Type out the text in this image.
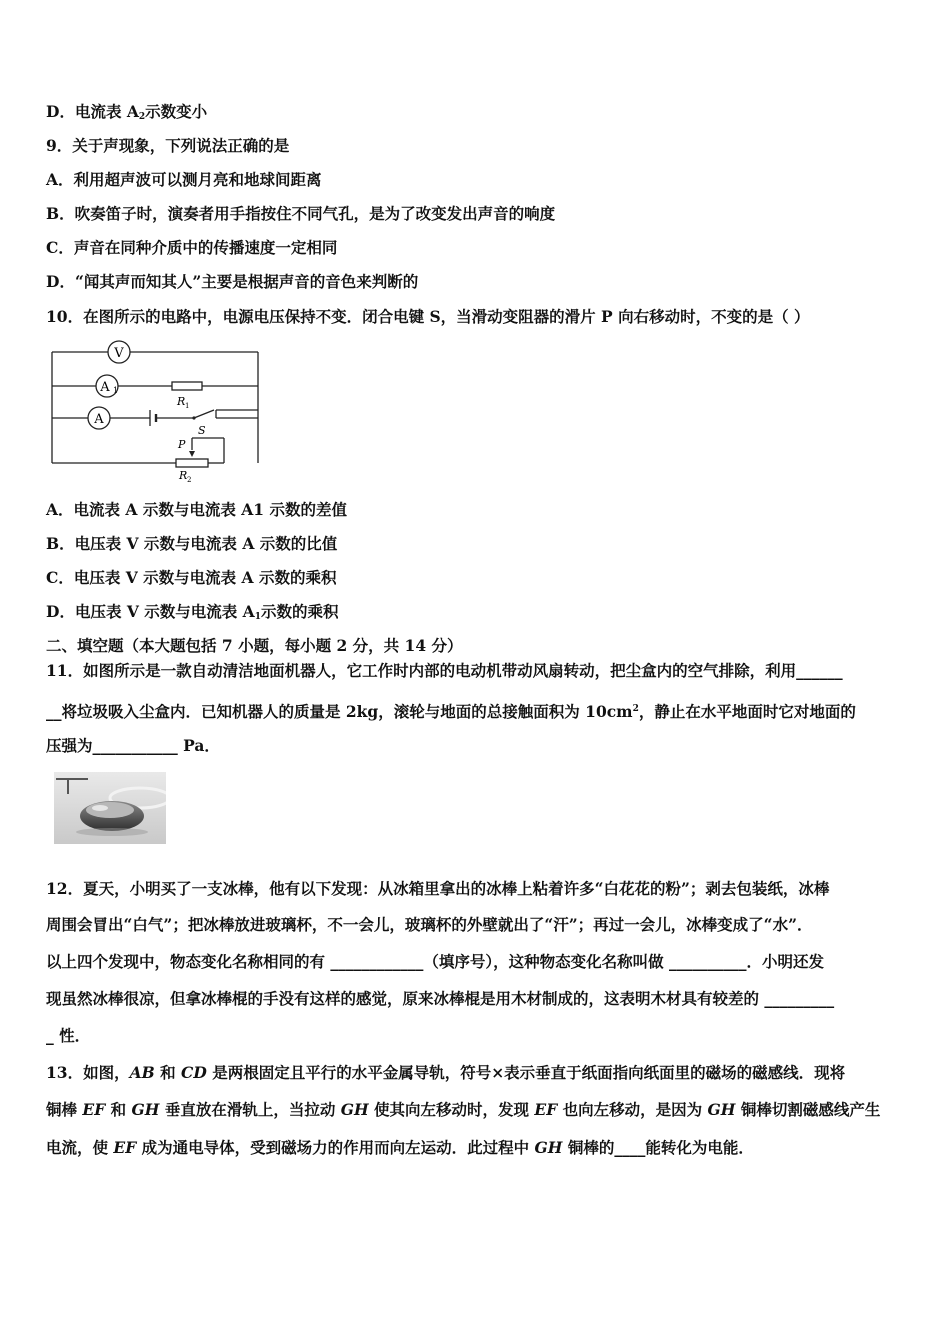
D．电流表 $A_2$示数变小
9．关于声现象，下列说法正确的是
A．利用超声波可以测月亮和地球间距离
B．吹奏笛子时，演奏者用手指按住不同气孔，是为了改变发出声音的响度
C．声音在同种介质中的传播速度一定相同
D．“闻其声而知其人”主要是根据声音的音色来判断的
10．在图所示的电路中，电源电压保持不变．闭合电键 S，当滑动变阻器的滑片 P 向右移动时，不变的是（ ）
V
A 1
R 1
A
S
P
R 2
A．电流表 A 示数与电流表 A1 示数的差值
B．电压表 V 示数与电流表 A 示数的比值
C．电压表 V 示数与电流表 A 示数的乘积
D．电压表 V 示数与电流表 $A_1$示数的乘积
二、填空题（本大题包括 7 小题，每小题 2 分，共 14 分）
11．如图所示是一款自动清洁地面机器人，它工作时内部的电动机带动风扇转动，把尘盒内的空气排除，利用______
__将垃圾吸入尘盒内．已知机器人的质量是 2kg，滚轮与地面的总接触面积为 $10cm^2$，静止在水平地面时它对地面的
压强为___________ Pa．
12．夏天，小明买了一支冰棒，他有以下发现：从冰箱里拿出的冰棒上粘着许多“白花花的粉”；剥去包装纸，冰棒
周围会冒出“白气”；把冰棒放进玻璃杯，不一会儿，玻璃杯的外壁就出了“汗”；再过一会儿，冰棒变成了“水”．
以上四个发现中，物态变化名称相同的有 ____________（填序号），这种物态变化名称叫做 __________．小明还发
现虽然冰棒很凉，但拿冰棒棍的手没有这样的感觉，原来冰棒棍是用木材制成的，这表明木材具有较差的 _________
_ 性．
13．如图，AB 和 CD 是两根固定且平行的水平金属导轨，符号×表示垂直于纸面指向纸面里的磁场的磁感线．现将
铜棒 EF 和 GH 垂直放在滑轨上，当拉动 GH 使其向左移动时，发现 EF 也向左移动，是因为 GH 铜棒切割磁感线产生
电流，使 EF 成为通电导体，受到磁场力的作用而向左运动．此过程中 GH 铜棒的____能转化为电能．
